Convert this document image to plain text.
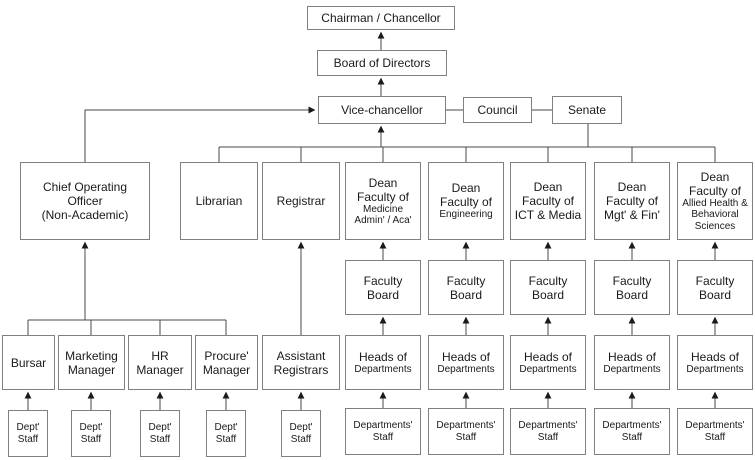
Chairman / Chancellor
Board of Directors
Vice-chancellor	Council	Senate
Chief Operating
Officer
(Non-Academic)
Librarian	Registrar
Dean
Faculty of
Medicine
Admin' / Aca'
Dean
Faculty of
Engineering
Dean
Faculty of
ICT & Media
Dean
Faculty of
Mgt' & Fin'
Dean
Faculty of
Allied Health &
Behavioral
Sciences
Faculty
Board
Faculty
Board
Faculty
Board
Faculty
Board
Faculty
Board
Heads of
Departments
Heads of
Departments
Heads of
Departments
Heads of
Departments
Heads of
Departments
Departments'
Staff
Departments'
Staff
Departments'
Staff
Departments'
Staff
Departments'
Staff
Bursar	Marketing
Manager
HR
Manager
Procure'
Manager
Assistant
Registrars
Dept'
Staff
Dept'
Staff
Dept'
Staff
Dept'
Staff
Dept'
Staff
